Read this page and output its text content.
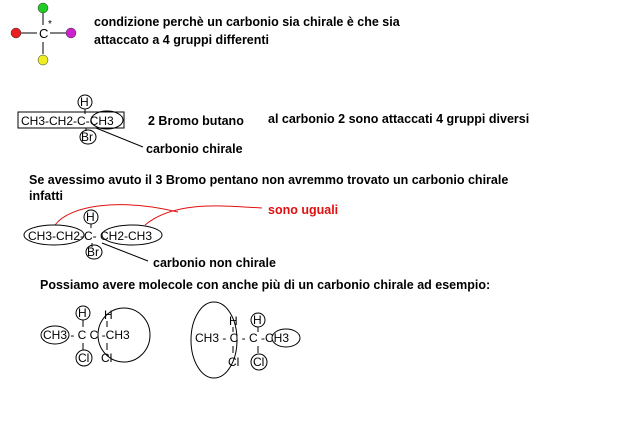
C
*
H
CH3-CH2-C-CH3
Br
H
CH3-CH2-C- CH2-CH3
Br
H H
CH3 - C C -CH3
Cl Cl
H H
CH3 - C - C -CH3
Cl Cl
condizione perchè un carbonio sia chirale è che sia
attaccato a 4 gruppi differenti
2 Bromo butano al carbonio 2 sono attaccati 4 gruppi diversi
carbonio chirale
Se avessimo avuto il 3 Bromo pentano non avremmo trovato un carbonio chirale
infatti
sono uguali
carbonio non chirale
Possiamo avere molecole con anche più di un carbonio chirale ad esempio:
